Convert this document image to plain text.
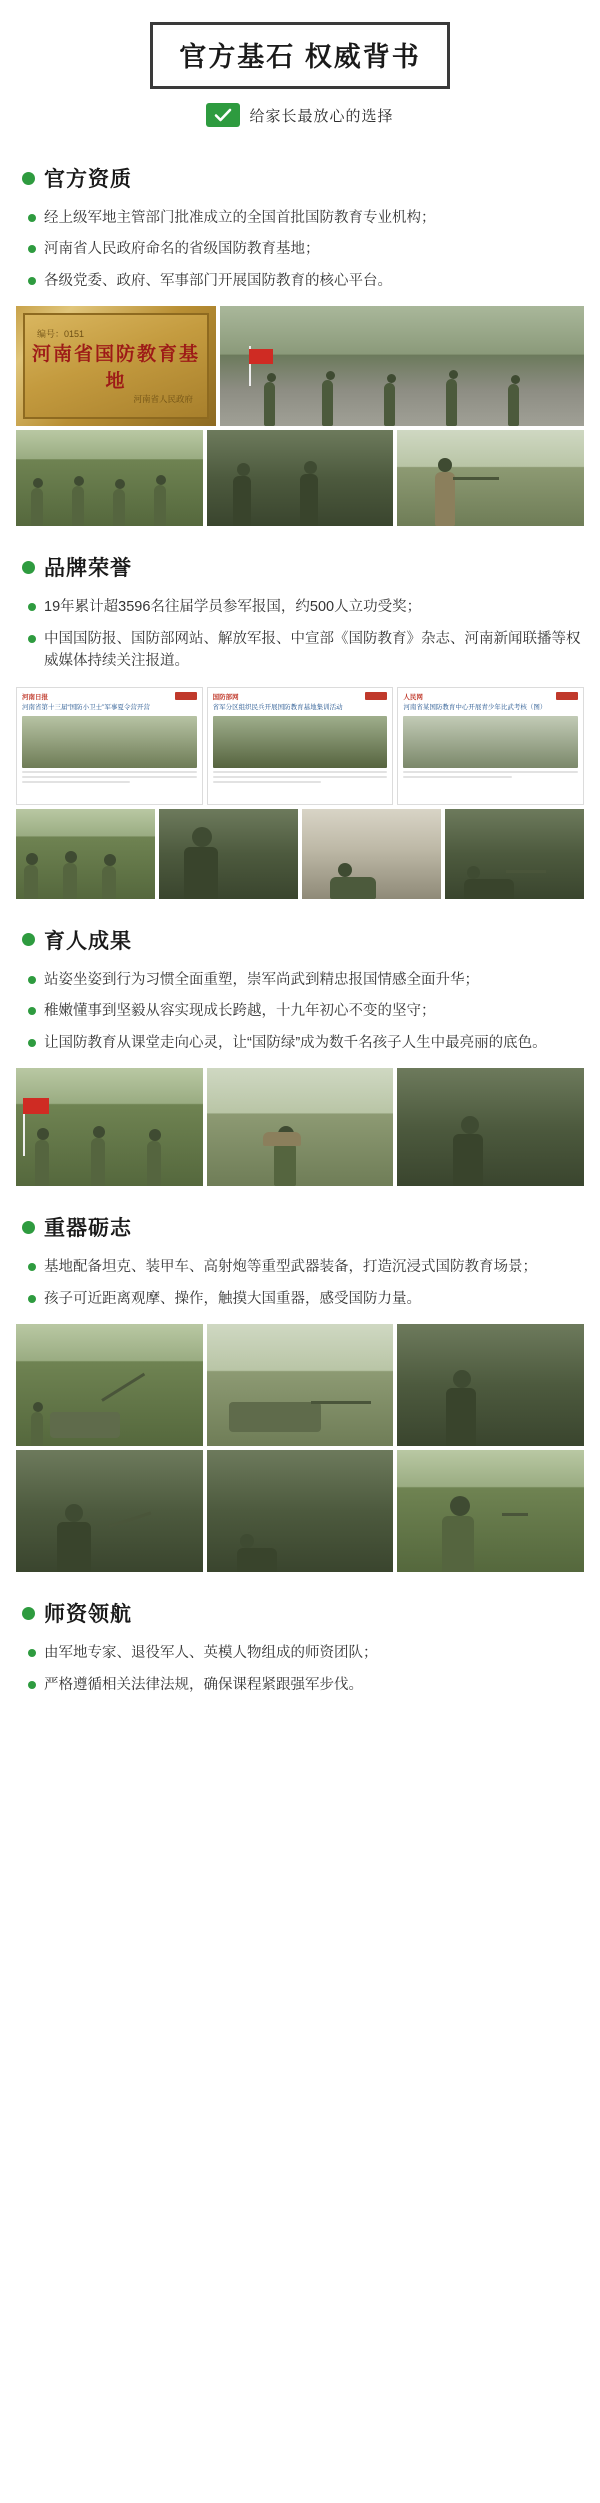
官方基石 权威背书
给家长最放心的选择
官方资质
经上级军地主管部门批准成立的全国首批国防教育专业机构；
河南省人民政府命名的省级国防教育基地；
各级党委、政府、军事部门开展国防教育的核心平台。
编号：0151
河南省国防教育基地
河南省人民政府
品牌荣誉
19年累计超3596名往届学员参军报国，约500人立功受奖；
中国国防报、国防部网站、解放军报、中宣部《国防教育》杂志、河南新闻联播等权威媒体持续关注报道。
河南日报
河南省第十三届“国防小卫士”军事夏令营开营
国防部网
省军分区组织民兵开展国防教育基地集训活动
人民网
河南省某国防教育中心开展青少年比武考核（图）
育人成果
站姿坐姿到行为习惯全面重塑，崇军尚武到精忠报国情感全面升华；
稚嫩懂事到坚毅从容实现成长跨越，十九年初心不变的坚守；
让国防教育从课堂走向心灵，让“国防绿”成为数千名孩子人生中最亮丽的底色。
重器砺志
基地配备坦克、装甲车、高射炮等重型武器装备，打造沉浸式国防教育场景；
孩子可近距离观摩、操作，触摸大国重器，感受国防力量。
师资领航
由军地专家、退役军人、英模人物组成的师资团队；
严格遵循相关法律法规，确保课程紧跟强军步伐。
